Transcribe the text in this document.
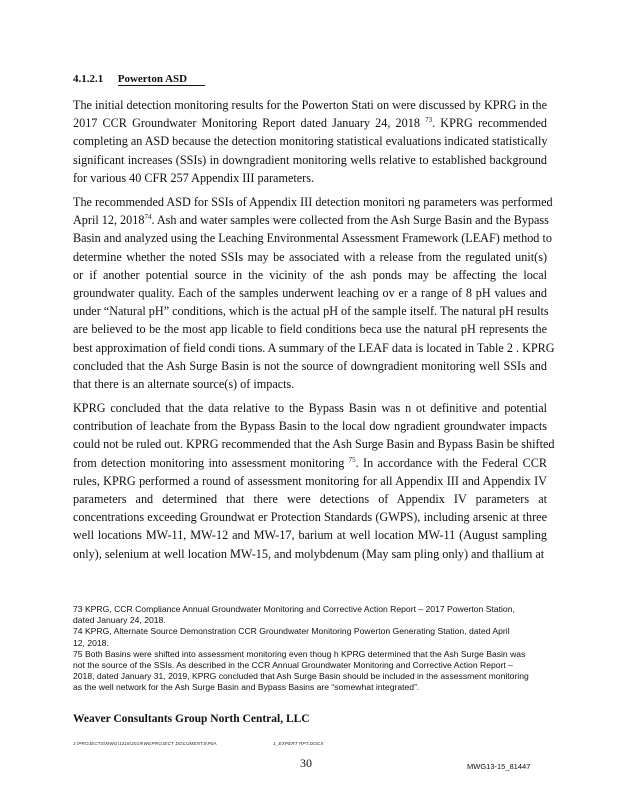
4.1.2.1 Powerton ASD
The initial detection monitoring results for the Powerton Stati on were discussed by KPRG in the
2017 CCR Groundwater Monitoring Report dated January 24, 2018 $^{73}$. KPRG recommended
completing an ASD because the detection monitoring statistical evaluations indicated statistically
significant increases (SSIs) in downgradient monitoring wells relative to established background
for various 40 CFR 257 Appendix III parameters.
The recommended ASD for SSIs of Appendix III detection monitori ng parameters was performed
April 12, 2018$^{74}$. Ash and water samples were collected from the Ash Surge Basin and the Bypass
Basin and analyzed using the Leaching Environmental Assessment Framework (LEAF) method to
determine whether the noted SSIs may be associated with a release from the regulated unit(s)
or if another potential source in the vicinity of the ash ponds may be affecting the local
groundwater quality. Each of the samples underwent leaching ov er a range of 8 pH values and
under “Natural pH” conditions, which is the actual pH of the sample itself. The natural pH results
are believed to be the most app licable to field conditions beca use the natural pH represents the
best approximation of field condi tions. A summary of the LEAF data is located in Table 2 . KPRG
concluded that the Ash Surge Basin is not the source of downgradient monitoring well SSIs and
that there is an alternate source(s) of impacts.
KPRG concluded that the data relative to the Bypass Basin was n ot definitive and potential
contribution of leachate from the Bypass Basin to the local dow ngradient groundwater impacts
could not be ruled out. KPRG recommended that the Ash Surge Basin and Bypass Basin be shifted
from detection monitoring into assessment monitoring $^{75}$. In accordance with the Federal CCR
rules, KPRG performed a round of assessment monitoring for all Appendix III and Appendix IV
parameters and determined that there were detections of Appendix IV parameters at
concentrations exceeding Groundwat er Protection Standards (GWPS), including arsenic at three
well locations MW-11, MW-12 and MW-17, barium at well location MW-11 (August sampling
only), selenium at well location MW-15, and molybdenum (May sam pling only) and thallium at
73 KPRG, CCR Compliance Annual Groundwater Monitoring and Corrective Action Report – 2017 Powerton Station,
dated January 24, 2018.
74 KPRG, Alternate Source Demonstration CCR Groundwater Monitoring Powerton Generating Station, dated April
12, 2018.
75 Both Basins were shifted into assessment monitoring even thoug h KPRG determined that the Ash Surge Basin was
not the source of the SSIs. As described in the CCR Annual Groundwater Monitoring and Corrective Action Report –
2018, dated January 31, 2019, KPRG concluded that Ash Surge Basin should be included in the assessment monitoring
as the well network for the Ash Surge Basin and Bypass Basins are “somewhat integrated”.
Weaver Consultants Group North Central, LLC
J:\PROJECTS\MWG\1316\2019\WGPROJECT DOCUMENTS\P0A	1_EXPERT RPT.DOCX
30	MWG13-15_81447
